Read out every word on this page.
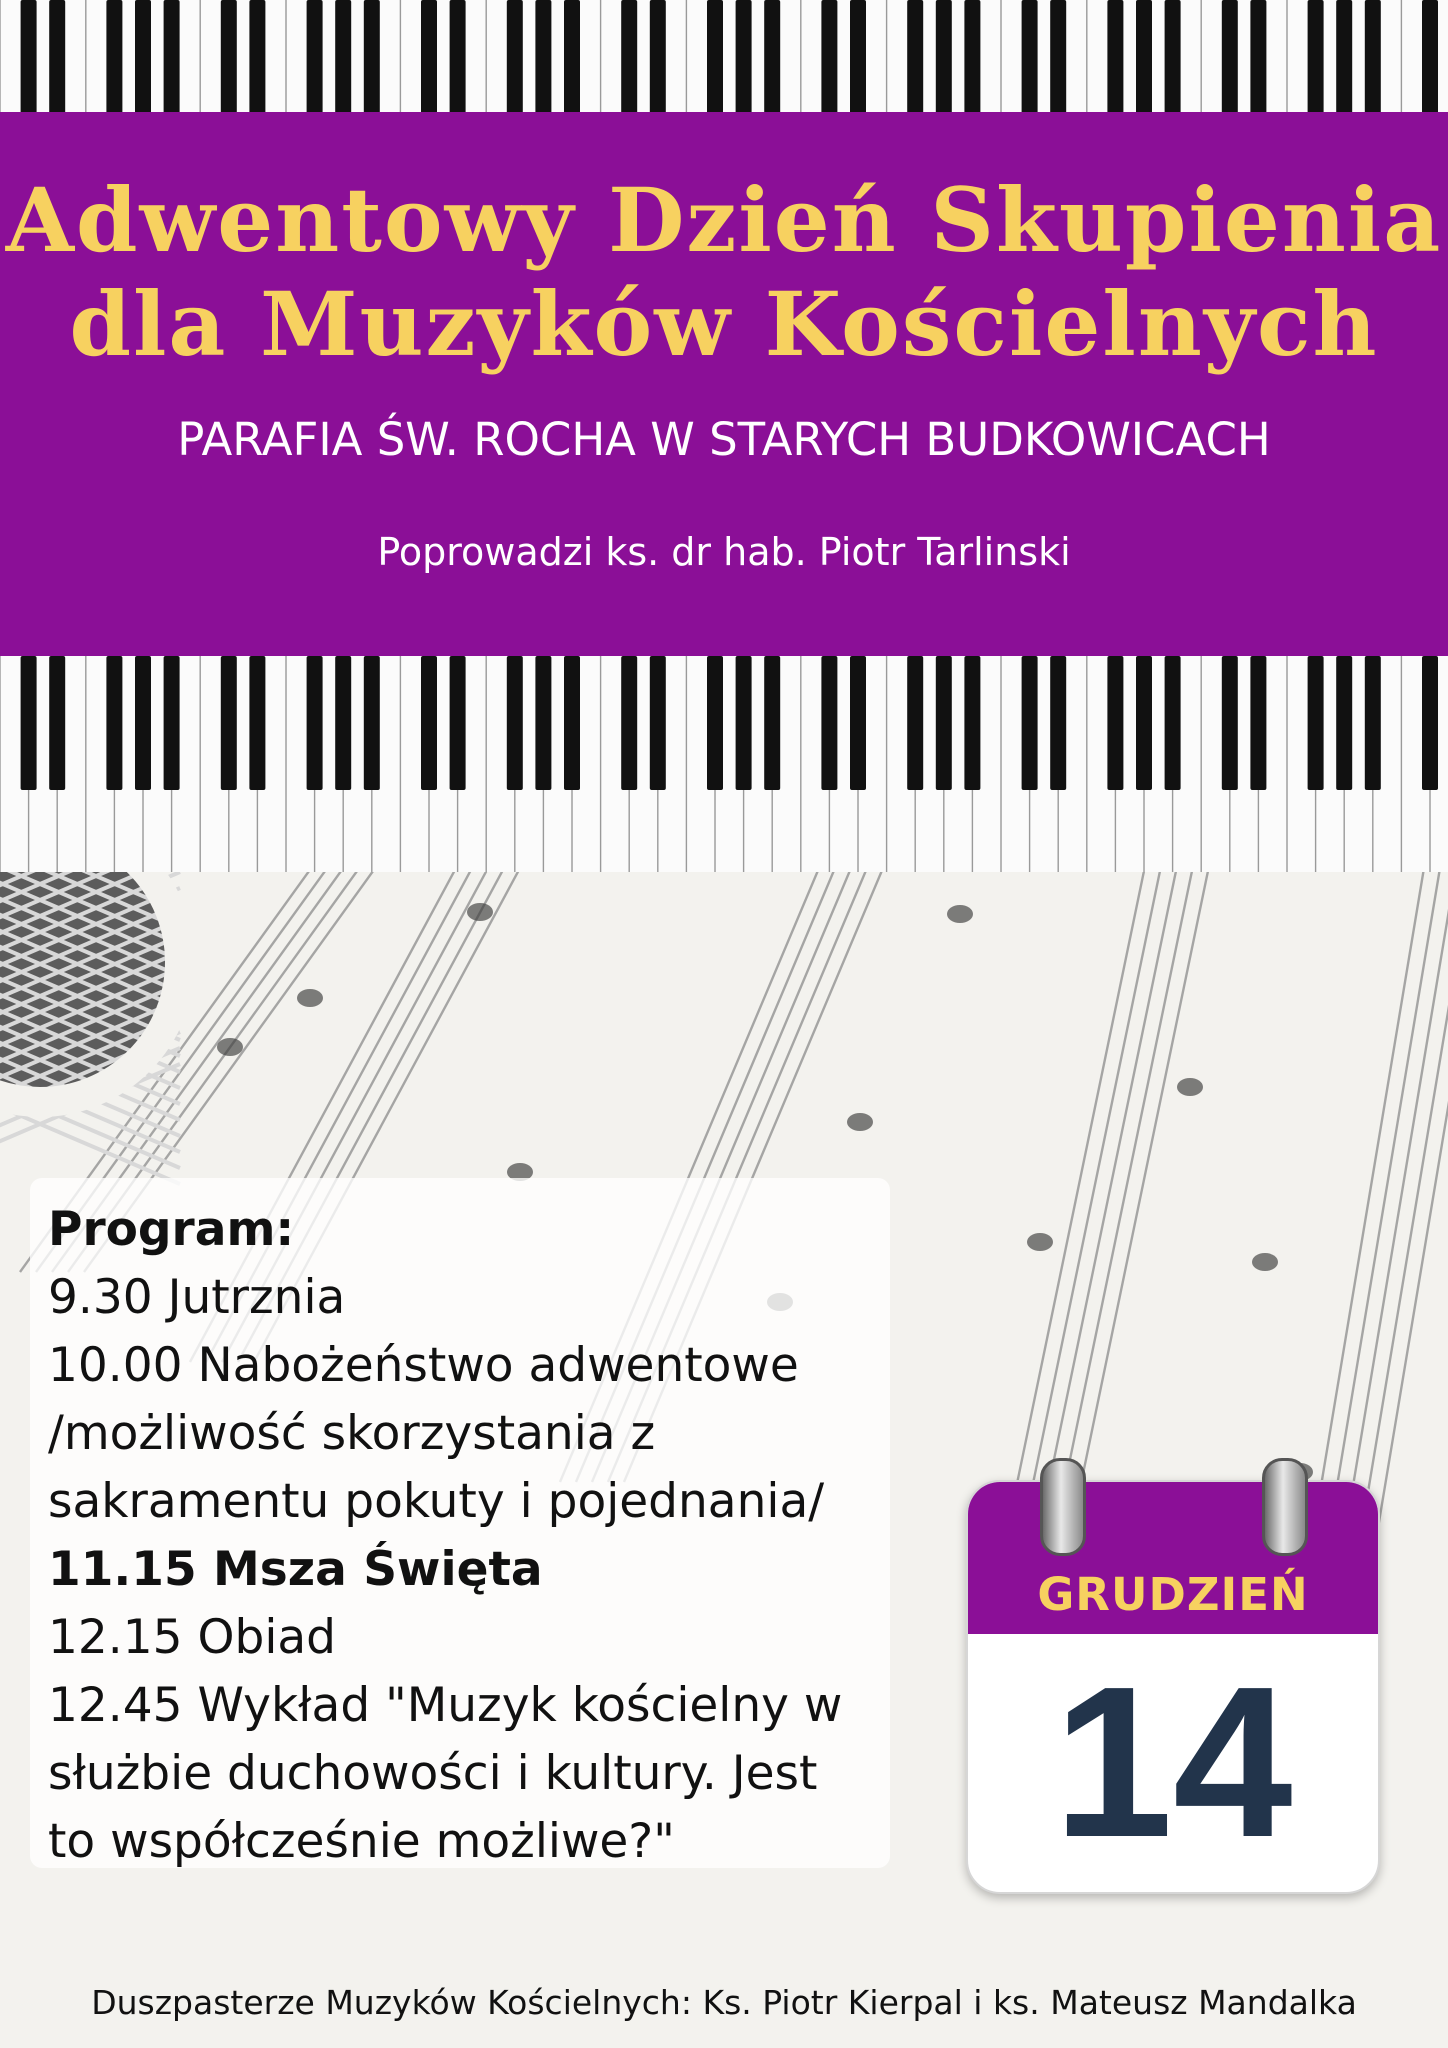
Adwentowy Dzień Skupienia
dla Muzyków Kościelnych
PARAFIA ŚW. ROCHA W STARYCH BUDKOWICACH
Poprowadzi ks. dr hab. Piotr Tarlinski
Program:
9.30 Jutrznia
10.00 Nabożeństwo adwentowe
/możliwość skorzystania z
sakramentu pokuty i pojednania/
11.15 Msza Święta
12.15 Obiad
12.45 Wykład "Muzyk kościelny w
służbie duchowości i kultury. Jest
to współcześnie możliwe?"
GRUDZIEŃ
14
Duszpasterze Muzyków Kościelnych: Ks. Piotr Kierpal i ks. Mateusz Mandalka
